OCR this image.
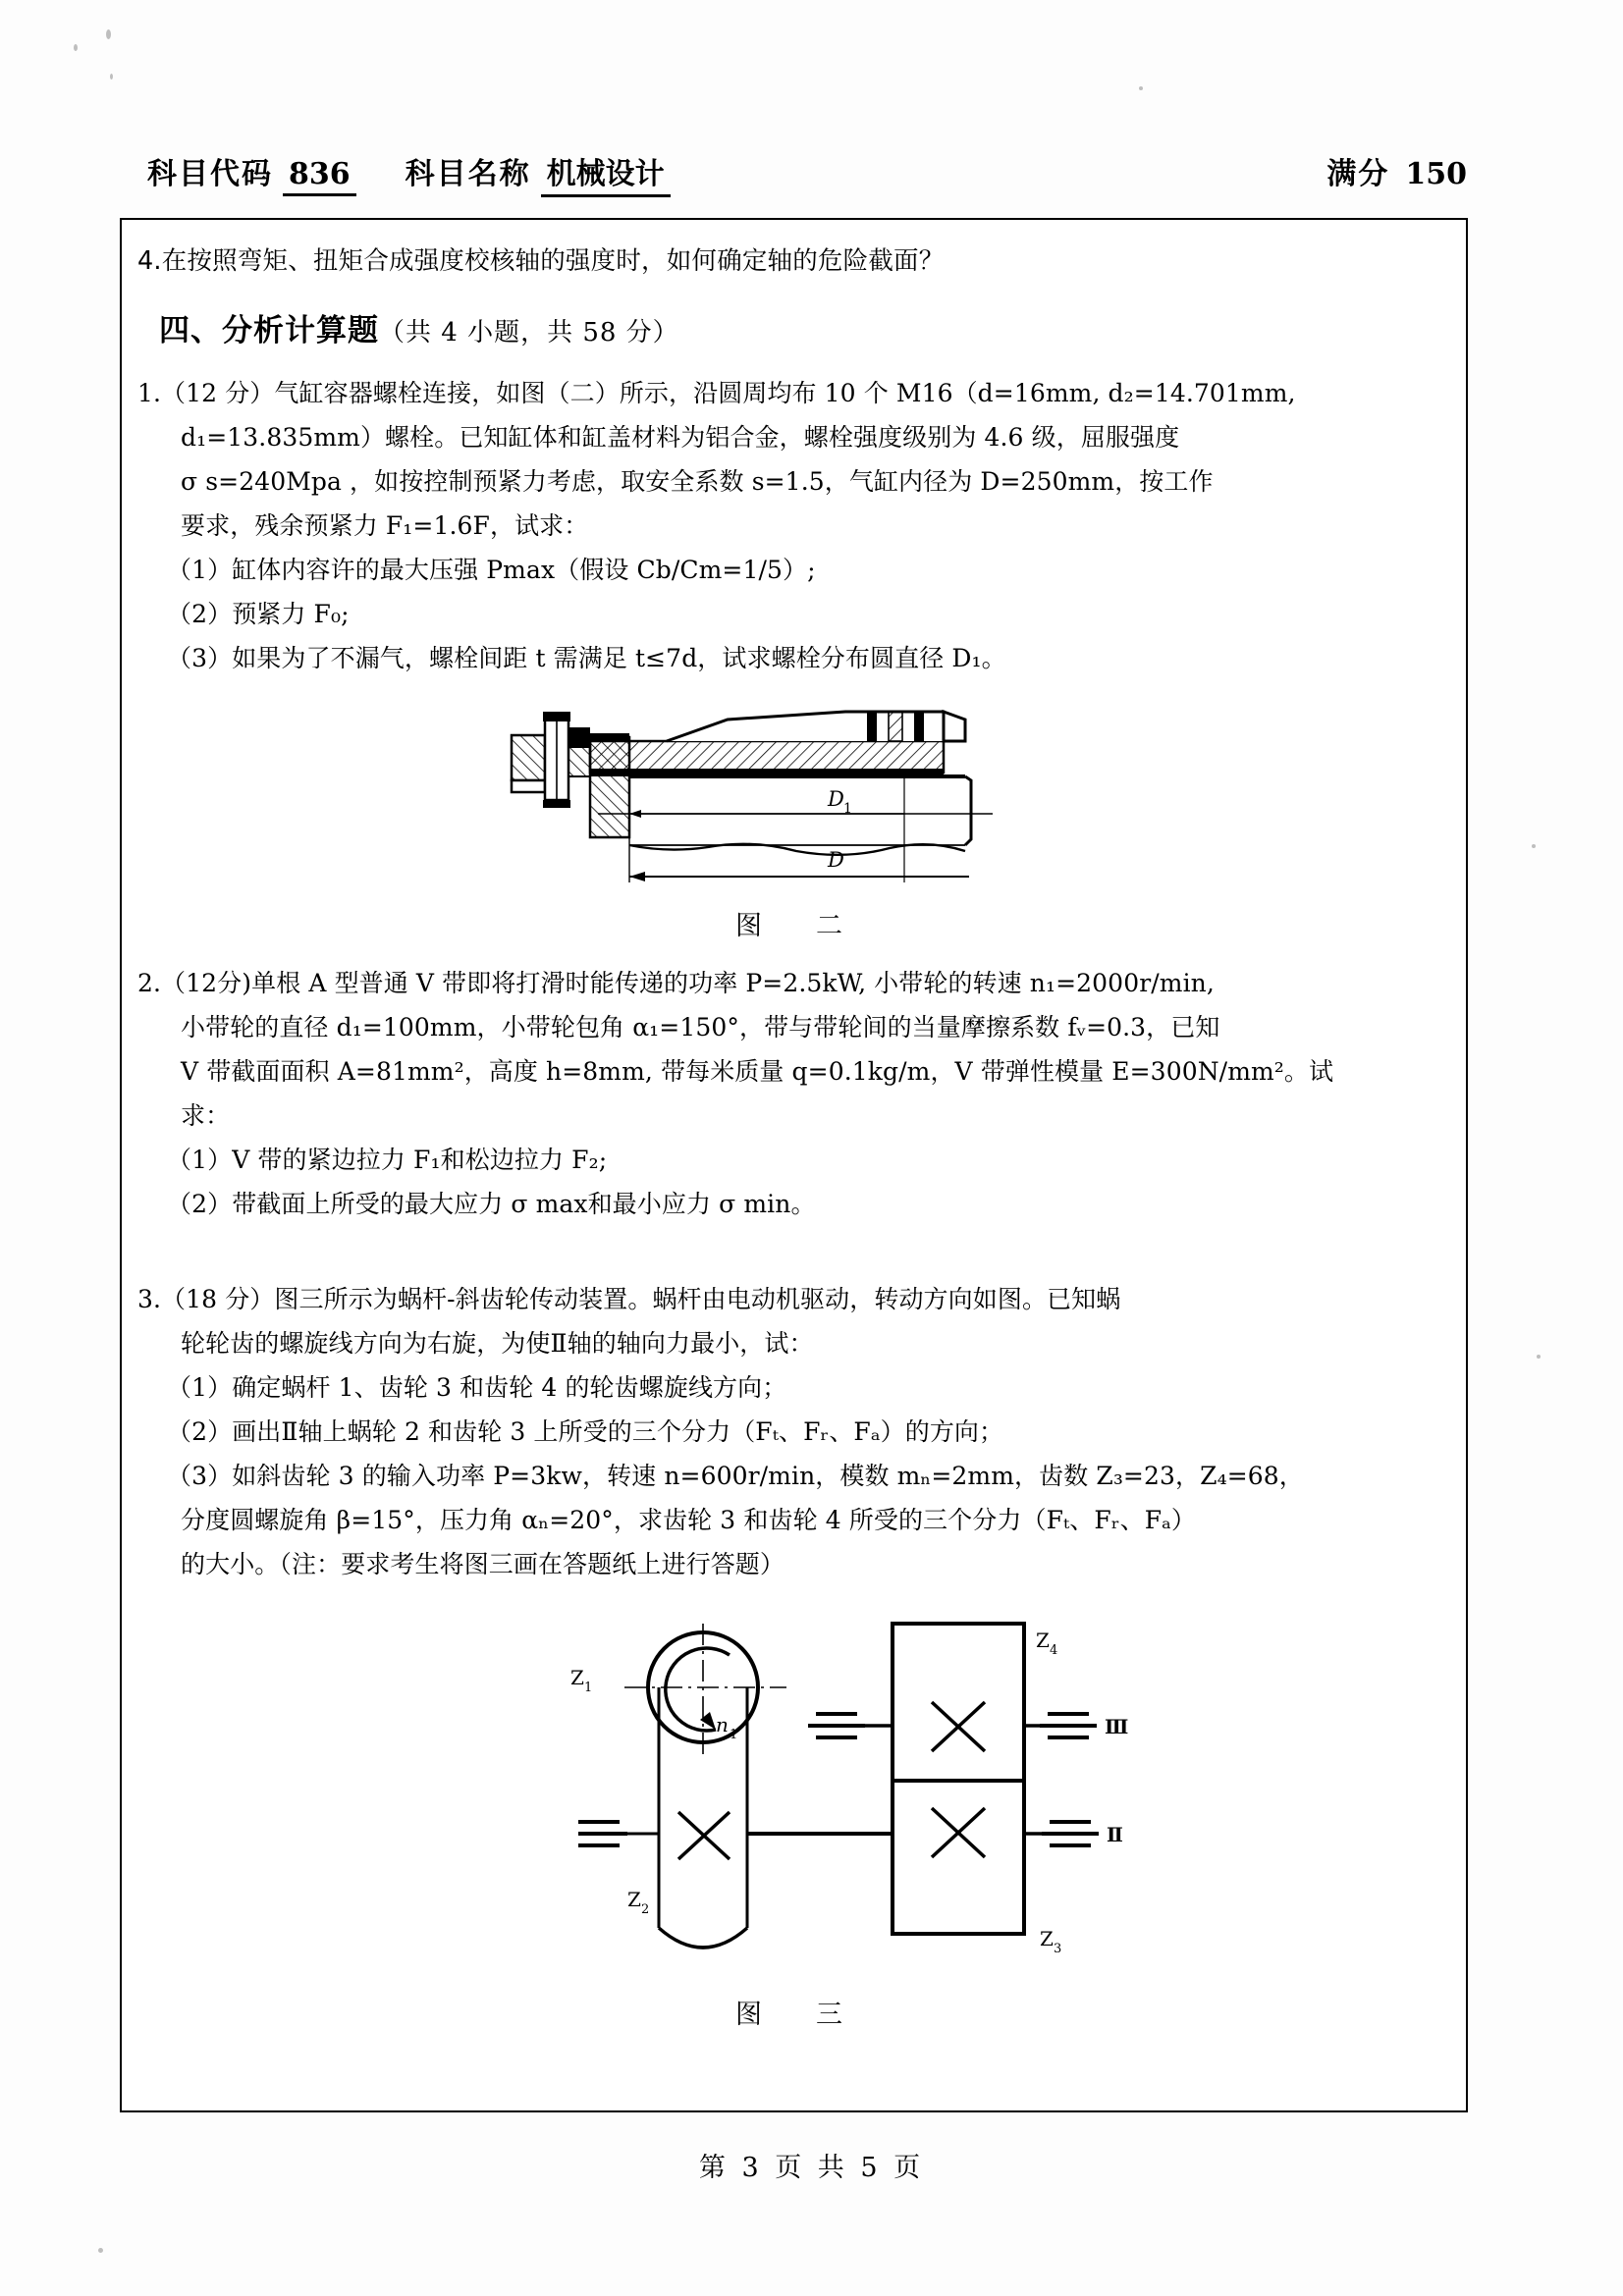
科目代码 836 科目名称 机械设计	满分 150
4.在按照弯矩、扭矩合成强度校核轴的强度时，如何确定轴的危险截面？
四、分析计算题（共 4 小题，共 58 分）
1.（12 分）气缸容器螺栓连接，如图（二）所示，沿圆周均布 10 个 M16（d=16mm, d₂=14.701mm,
d₁=13.835mm）螺栓。已知缸体和缸盖材料为铝合金，螺栓强度级别为 4.6 级，屈服强度
σ s=240Mpa ，如按控制预紧力考虑，取安全系数 s=1.5，气缸内径为 D=250mm，按工作
要求，残余预紧力 F₁=1.6F，试求：
（1）缸体内容许的最大压强 Pmax（假设 Cb/Cm=1/5）;
（2）预紧力 F₀;
（3）如果为了不漏气，螺栓间距 t 需满足 t≤7d，试求螺栓分布圆直径 D₁。
D 1
D
图　二
2.（12分)单根 A 型普通 V 带即将打滑时能传递的功率 P=2.5kW, 小带轮的转速 n₁=2000r/min,
小带轮的直径 d₁=100mm，小带轮包角 α₁=150°，带与带轮间的当量摩擦系数 fᵥ=0.3，已知
V 带截面面积 A=81mm²，高度 h=8mm, 带每米质量 q=0.1kg/m，V 带弹性模量 E=300N/mm²。试
求：
（1）V 带的紧边拉力 F₁和松边拉力 F₂;
（2）带截面上所受的最大应力 σ max和最小应力 σ min。
3.（18 分）图三所示为蜗杆-斜齿轮传动装置。蜗杆由电动机驱动，转动方向如图。已知蜗
轮轮齿的螺旋线方向为右旋，为使Ⅱ轴的轴向力最小，试：
（1）确定蜗杆 1、齿轮 3 和齿轮 4 的轮齿螺旋线方向；
（2）画出Ⅱ轴上蜗轮 2 和齿轮 3 上所受的三个分力（Fₜ、Fᵣ、Fₐ）的方向；
（3）如斜齿轮 3 的输入功率 P=3kw，转速 n=600r/min，模数 mₙ=2mm，齿数 Z₃=23，Z₄=68，
分度圆螺旋角 β=15°，压力角 αₙ=20°，求齿轮 3 和齿轮 4 所受的三个分力（Fₜ、Fᵣ、Fₐ）
的大小。（注：要求考生将图三画在答题纸上进行答题）
Z 1
n 1
Z 2
Z 3
Z 4
Ⅲ
Ⅱ
图　三
第 3 页 共 5 页
